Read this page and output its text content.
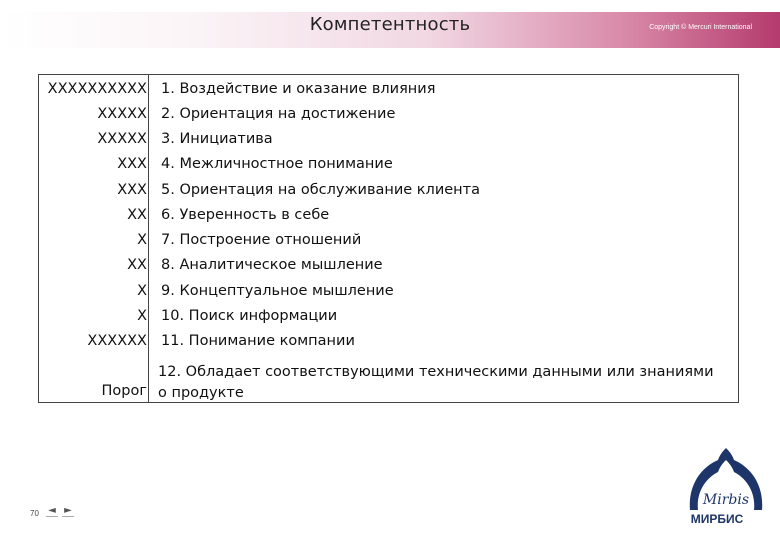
Компетентность	Copyright © Mercuri International
XXXXXXXXXX 1. Воздействие и оказание влияния
XXXXX 2. Ориентация на достижение
XXXXX 3. Инициатива
XXX 4. Межличностное понимание
XXX 5. Ориентация на обслуживание клиента
XX 6. Уверенность в себе
X 7. Построение отношений
XX 8. Аналитическое мышление
X 9. Концептуальное мышление
X 10. Поиск информации
XXXXXX 11. Понимание компании
Порог
12. Обладает соответствующими техническими данными или знаниями о продукте
70 ◄ ►
Mirbis
МИРБИС
